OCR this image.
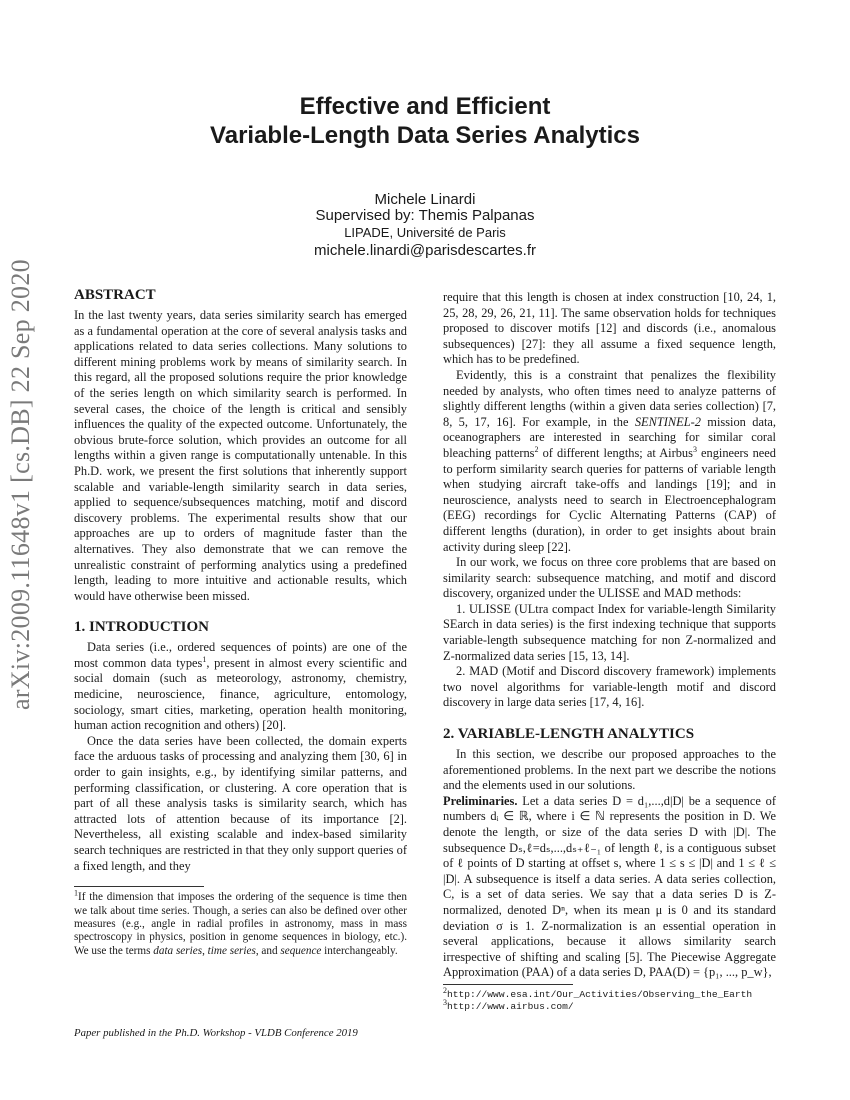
arXiv:2009.11648v1 [cs.DB] 22 Sep 2020
Effective and Efficient
Variable-Length Data Series Analytics
Michele Linardi
Supervised by: Themis Palpanas
LIPADE, Université de Paris
michele.linardi@parisdescartes.fr
ABSTRACT

In the last twenty years, data series similarity search has emerged as a fundamental operation at the core of several analysis tasks and applications related to data series collections. Many solutions to different mining problems work by means of similarity search. In this regard, all the proposed solutions require the prior knowledge of the series length on which similarity search is performed. In several cases, the choice of the length is critical and sensibly influences the quality of the expected outcome. Unfortunately, the obvious brute-force solution, which provides an outcome for all lengths within a given range is computationally untenable. In this Ph.D. work, we present the first solutions that inherently support scalable and variable-length similarity search in data series, applied to sequence/subsequences matching, motif and discord discovery problems. The experimental results show that our approaches are up to orders of magnitude faster than the alternatives. They also demonstrate that we can remove the unrealistic constraint of performing analytics using a predefined length, leading to more intuitive and actionable results, which would have otherwise been missed.

1. INTRODUCTION

Data series (i.e., ordered sequences of points) are one of the most common data types$^1$, present in almost every scientific and social domain (such as meteorology, astronomy, chemistry, medicine, neuroscience, finance, agriculture, entomology, sociology, smart cities, marketing, operation health monitoring, human action recognition and others) [20].

Once the data series have been collected, the domain experts face the arduous tasks of processing and analyzing them [30, 6] in order to gain insights, e.g., by identifying similar patterns, and performing classification, or clustering. A core operation that is part of all these analysis tasks is similarity search, which has attracted lots of attention because of its importance [2]. Nevertheless, all existing scalable and index-based similarity search techniques are restricted in that they only support queries of a fixed length, and they

$^1$If the dimension that imposes the ordering of the sequence is time then we talk about time series. Though, a series can also be defined over other measures (e.g., angle in radial profiles in astronomy, mass in mass spectroscopy in physics, position in genome sequences in biology, etc.). We use the terms data series, time series, and sequence interchangeably.

require that this length is chosen at index construction [10, 24, 1, 25, 28, 29, 26, 21, 11]. The same observation holds for techniques proposed to discover motifs [12] and discords (i.e., anomalous subsequences) [27]: they all assume a fixed sequence length, which has to be predefined.

Evidently, this is a constraint that penalizes the flexibility needed by analysts, who often times need to analyze patterns of slightly different lengths (within a given data series collection) [7, 8, 5, 17, 16]. For example, in the SENTINEL-2 mission data, oceanographers are interested in searching for similar coral bleaching patterns$^2$ of different lengths; at Airbus$^3$ engineers need to perform similarity search queries for patterns of variable length when studying aircraft take-offs and landings [19]; and in neuroscience, analysts need to search in Electroencephalogram (EEG) recordings for Cyclic Alternating Patterns (CAP) of different lengths (duration), in order to get insights about brain activity during sleep [22].

In our work, we focus on three core problems that are based on similarity search: subsequence matching, and motif and discord discovery, organized under the ULISSE and MAD methods:

1. ULISSE (ULtra compact Index for variable-length Similarity SEarch in data series) is the first indexing technique that supports variable-length subsequence matching for non Z-normalized and Z-normalized data series [15, 13, 14].

2. MAD (Motif and Discord discovery framework) implements two novel algorithms for variable-length motif and discord discovery in large data series [17, 4, 16].

2. VARIABLE-LENGTH ANALYTICS

In this section, we describe our proposed approaches to the aforementioned problems. In the next part we describe the notions and the elements used in our solutions.

Preliminaries. Let a data series D = d₁,...,d|D| be a sequence of numbers dᵢ ∈ ℝ, where i ∈ ℕ represents the position in D. We denote the length, or size of the data series D with |D|. The subsequence Dₛ,ℓ=dₛ,...,dₛ₊ℓ₋₁ of length ℓ, is a contiguous subset of ℓ points of D starting at offset s, where 1 ≤ s ≤ |D| and 1 ≤ ℓ ≤ |D|. A subsequence is itself a data series. A data series collection, C, is a set of data series. We say that a data series D is Z-normalized, denoted Dⁿ, when its mean μ is 0 and its standard deviation σ is 1. Z-normalization is an essential operation in several applications, because it allows similarity search irrespective of shifting and scaling [5]. The Piecewise Aggregate Approximation (PAA) of a data series D, PAA(D) = {p₁, ..., p_w},

$^2$http://www.esa.int/Our_Activities/Observing_the_Earth

$^3$http://www.airbus.com/

Paper published in the Ph.D. Workshop - VLDB Conference 2019
